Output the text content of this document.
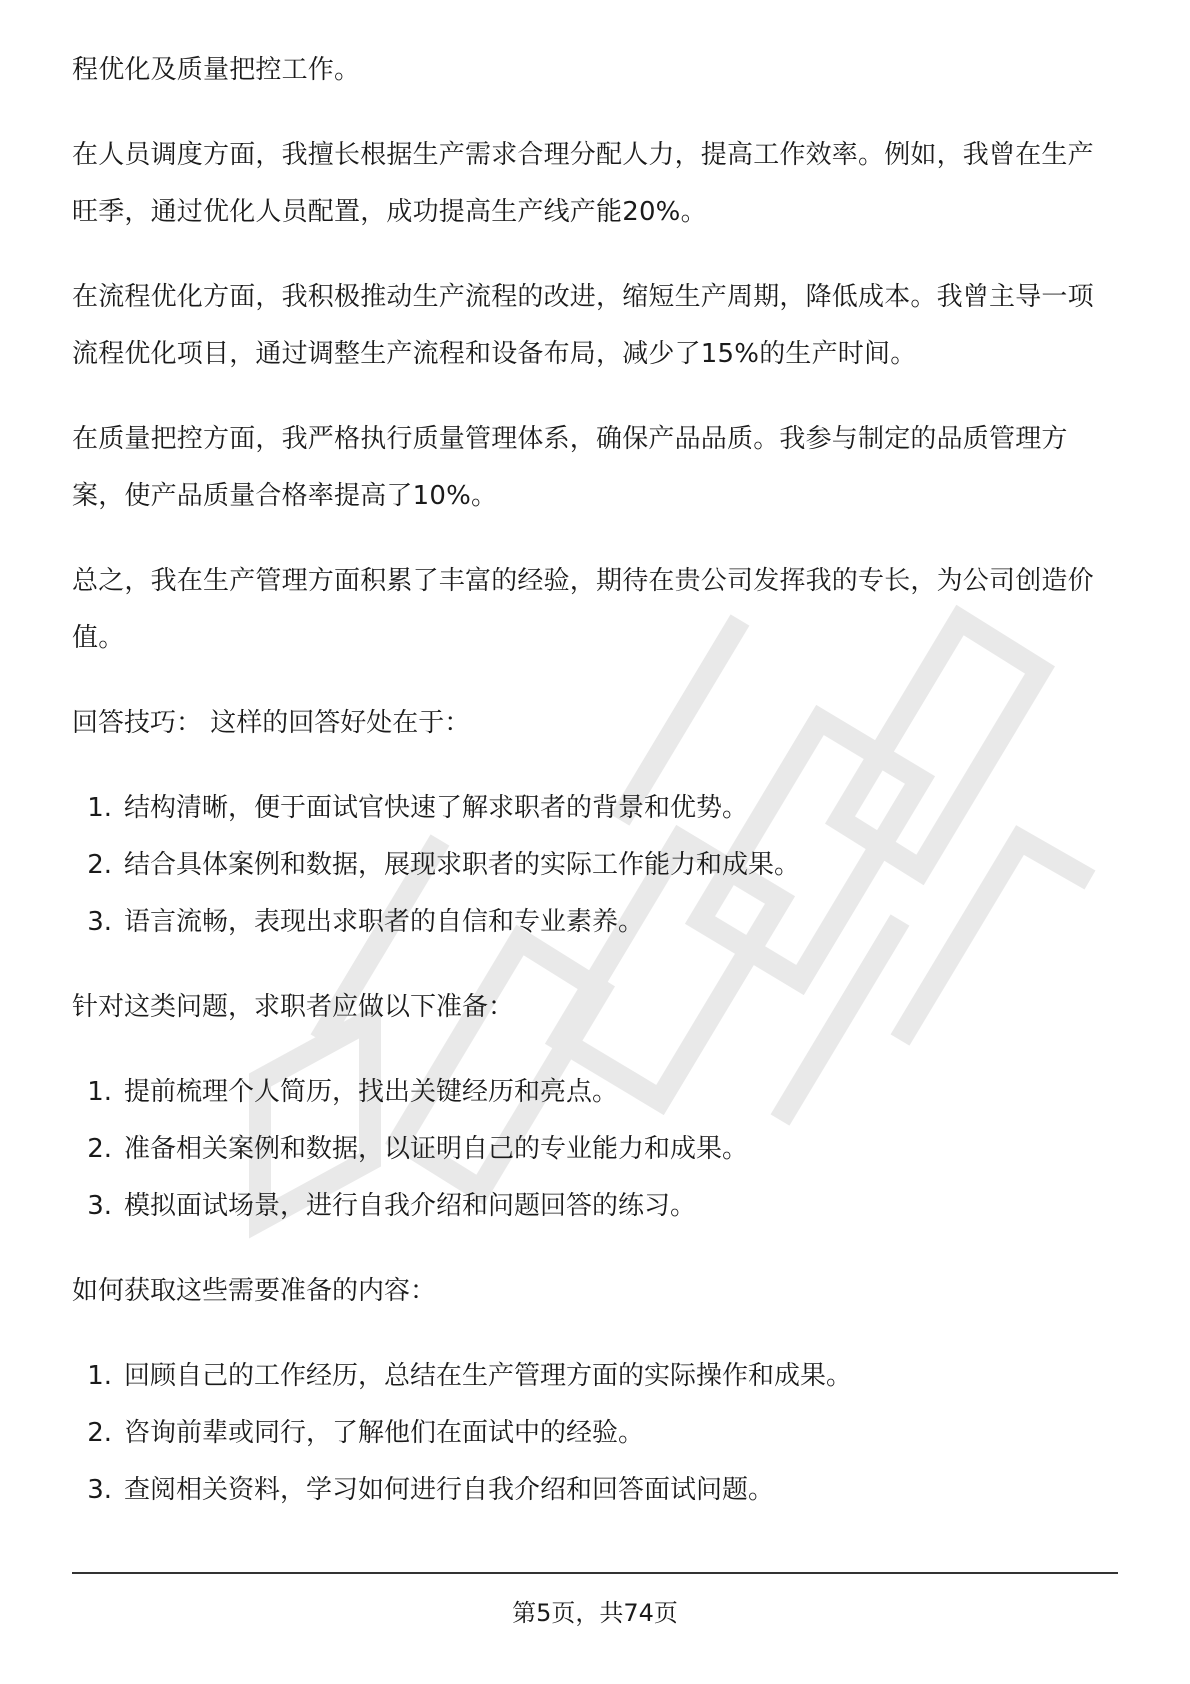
程优化及质量把控工作。

在人员调度方面，我擅长根据生产需求合理分配人力，提高工作效率。例如，我曾在生产旺季，通过优化人员配置，成功提高生产线产能20%。

在流程优化方面，我积极推动生产流程的改进，缩短生产周期，降低成本。我曾主导一项流程优化项目，通过调整生产流程和设备布局，减少了15%的生产时间。

在质量把控方面，我严格执行质量管理体系，确保产品品质。我参与制定的品质管理方案，使产品质量合格率提高了10%。

总之，我在生产管理方面积累了丰富的经验，期待在贵公司发挥我的专长，为公司创造价值。

回答技巧： 这样的回答好处在于：

1. 结构清晰，便于面试官快速了解求职者的背景和优势。
2. 结合具体案例和数据，展现求职者的实际工作能力和成果。
3. 语言流畅，表现出求职者的自信和专业素养。

针对这类问题，求职者应做以下准备：

1. 提前梳理个人简历，找出关键经历和亮点。
2. 准备相关案例和数据，以证明自己的专业能力和成果。
3. 模拟面试场景，进行自我介绍和问题回答的练习。

如何获取这些需要准备的内容：

1. 回顾自己的工作经历，总结在生产管理方面的实际操作和成果。
2. 咨询前辈或同行，了解他们在面试中的经验。
3. 查阅相关资料，学习如何进行自我介绍和回答面试问题。
第5页，共74页
